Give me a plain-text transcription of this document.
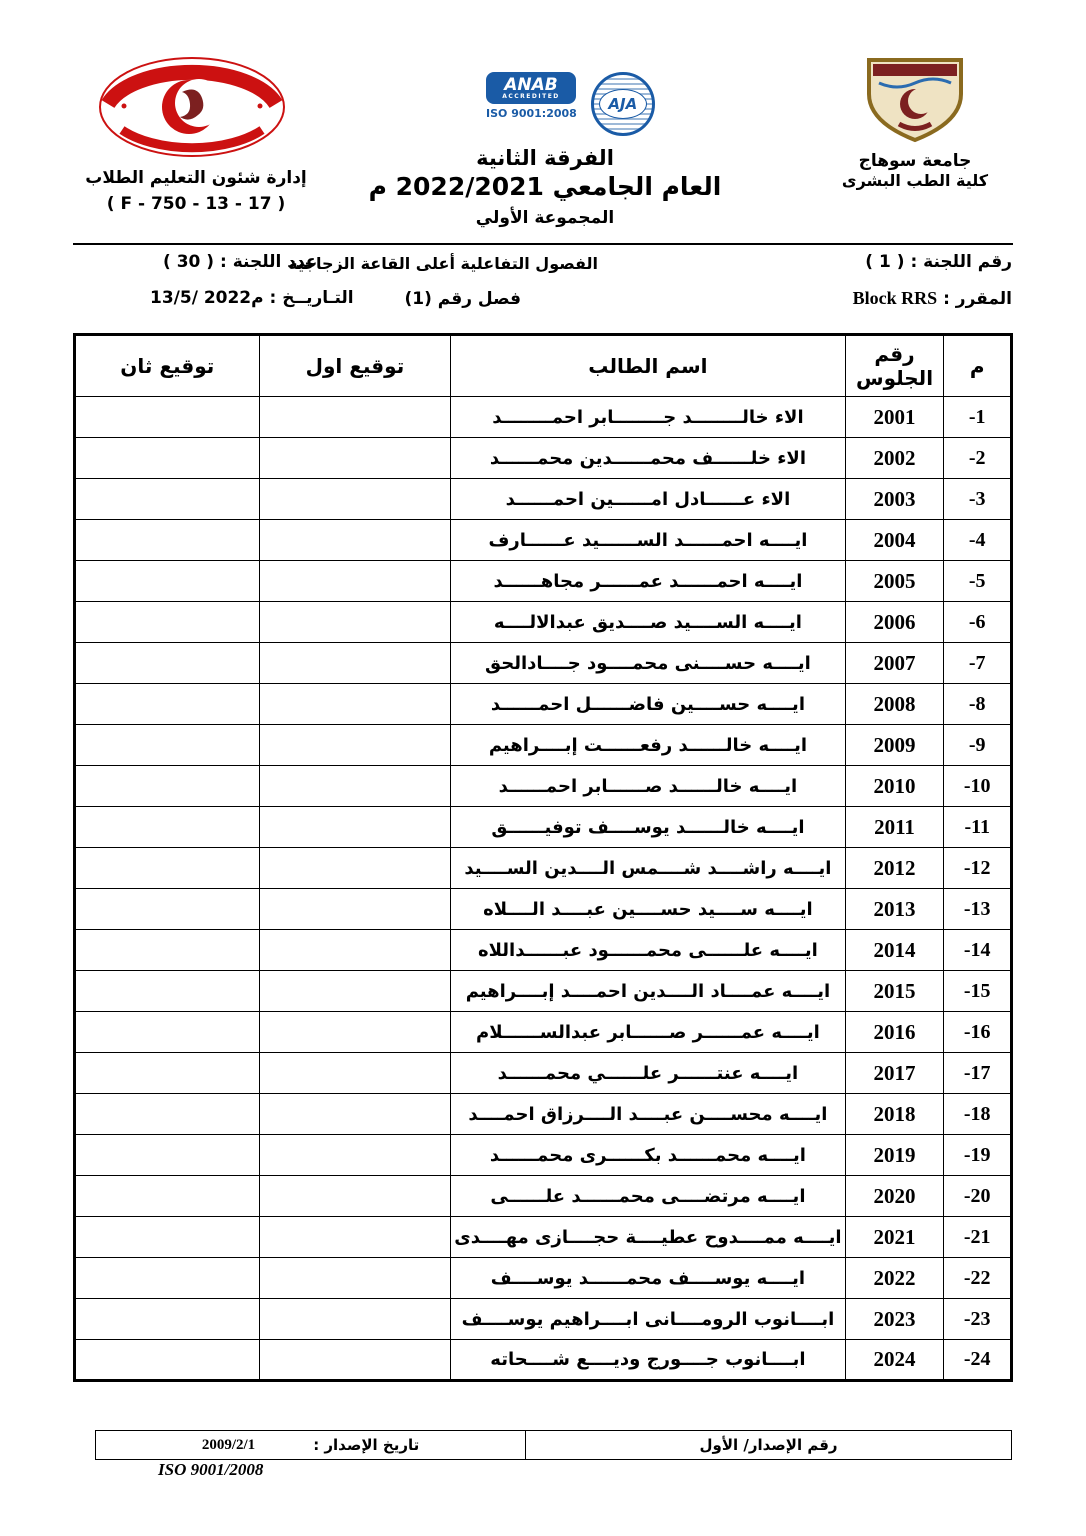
إدارة شئون التعليم الطلاب
( F - 750 - 13 - 17 )
ANAB
ACCREDITED
ISO 9001:2008
AJA
الفرقة الثانية
العام الجامعي 2022/2021 م
المجموعة الأولي
جامعة سوهاج
كلية الطب البشرى
رقم اللجنة : ( 1 )
الفصول التفاعلية أعلى القاعة الزجاجية
عدد اللجنة : ( 30 )
المقرر : Block RRS
فصل رقم (1)
التـاريــخ : 13/5/ 2022م
م	رقم الجلوس	اسم الطالب	توقيع اول	توقيع ثان
-1	2001	الاء خالــــــــد جــــــــابر احمــــــــد		
-2	2002	الاء خلــــــف محمــــــدين محمــــــد		
-3	2003	الاء عــــــادل امــــــين احمــــــد		
-4	2004	ايــــه احمــــــد الســــــيد عــــــارف		
-5	2005	ايــــه احمــــــد عمــــــر مجاهــــــد		
-6	2006	ايــــه الســــيد صــــديق عبدالالــــه		
-7	2007	ايــــه حســــنى محمــــود جــــادالحق		
-8	2008	ايــــه حســــين فاضــــــل احمــــــد		
-9	2009	ايــــه خالــــــد رفعــــــت إبــــراهيم		
-10	2010	ايــــه خالــــــد صــــــابر احمــــــد		
-11	2011	ايــــه خالــــــد يوســــف توفيــــــق		
-12	2012	ايــــه راشــــد شــــمس الــــدين الســــيد		
-13	2013	ايــــه ســــيد حســــين عبــــد الــــلاه		
-14	2014	ايــــه علــــــى محمــــــود عبــــــداللاه		
-15	2015	ايــــه عمــــاد الــــدين احمــــد إبــــراهيم		
-16	2016	ايــــه عمــــــر صــــــابر عبدالســــــلام		
-17	2017	ايــــه عنتــــــر علــــــي محمــــــد		
-18	2018	ايــــه محســــن عبــــد الــــرزاق احمــــد		
-19	2019	ايــــه محمــــــد بكــــــرى محمــــــد		
-20	2020	ايــــه مرتضــــى محمــــــد علــــــى		
-21	2021	ايــــه ممــــدوح عطيــــة حجــــازى مهــــدى		
-22	2022	ايــــه يوســــف محمــــــد يوســــف		
-23	2023	ابــــانوب الرومــــانى ابــــراهيم يوســــف		
-24	2024	ابــــانوب جــــورج وديــــع شــــحاته		
رقم الإصدار/ الأول
تاريخ الإصدار :
2009/2/1
ISO 9001/2008
